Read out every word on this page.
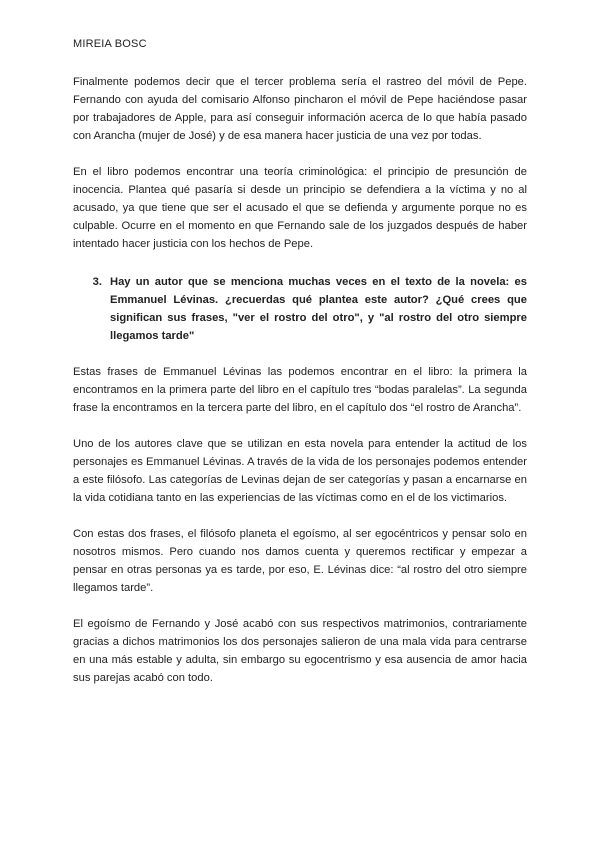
MIREIA BOSC

Finalmente podemos decir que el tercer problema sería el rastreo del móvil de Pepe. Fernando con ayuda del comisario Alfonso pincharon el móvil de Pepe haciéndose pasar por trabajadores de Apple, para así conseguir información acerca de lo que había pasado con Arancha (mujer de José) y de esa manera hacer justicia de una vez por todas.

En el libro podemos encontrar una teoría criminológica: el principio de presunción de inocencia. Plantea qué pasaría si desde un principio se defendiera a la víctima y no al acusado, ya que tiene que ser el acusado el que se defienda y argumente porque no es culpable. Ocurre en el momento en que Fernando sale de los juzgados después de haber intentado hacer justicia con los hechos de Pepe.

3. Hay un autor que se menciona muchas veces en el texto de la novela: es Emmanuel Lévinas. ¿recuerdas qué plantea este autor? ¿Qué crees que significan sus frases, "ver el rostro del otro", y "al rostro del otro siempre llegamos tarde"

Estas frases de Emmanuel Lévinas las podemos encontrar en el libro: la primera la encontramos en la primera parte del libro en el capítulo tres “bodas paralelas”. La segunda frase la encontramos en la tercera parte del libro, en el capítulo dos “el rostro de Arancha”.

Uno de los autores clave que se utilizan en esta novela para entender la actitud de los personajes es Emmanuel Lévinas. A través de la vida de los personajes podemos entender a este filósofo. Las categorías de Levinas dejan de ser categorías y pasan a encarnarse en la vida cotidiana tanto en las experiencias de las víctimas como en el de los victimarios.

Con estas dos frases, el filósofo planeta el egoísmo, al ser egocéntricos y pensar solo en nosotros mismos. Pero cuando nos damos cuenta y queremos rectificar y empezar a pensar en otras personas ya es tarde, por eso, E. Lévinas dice: “al rostro del otro siempre llegamos tarde”.

El egoísmo de Fernando y José acabó con sus respectivos matrimonios, contrariamente gracias a dichos matrimonios los dos personajes salieron de una mala vida para centrarse en una más estable y adulta, sin embargo su egocentrismo y esa ausencia de amor hacia sus parejas acabó con todo.
